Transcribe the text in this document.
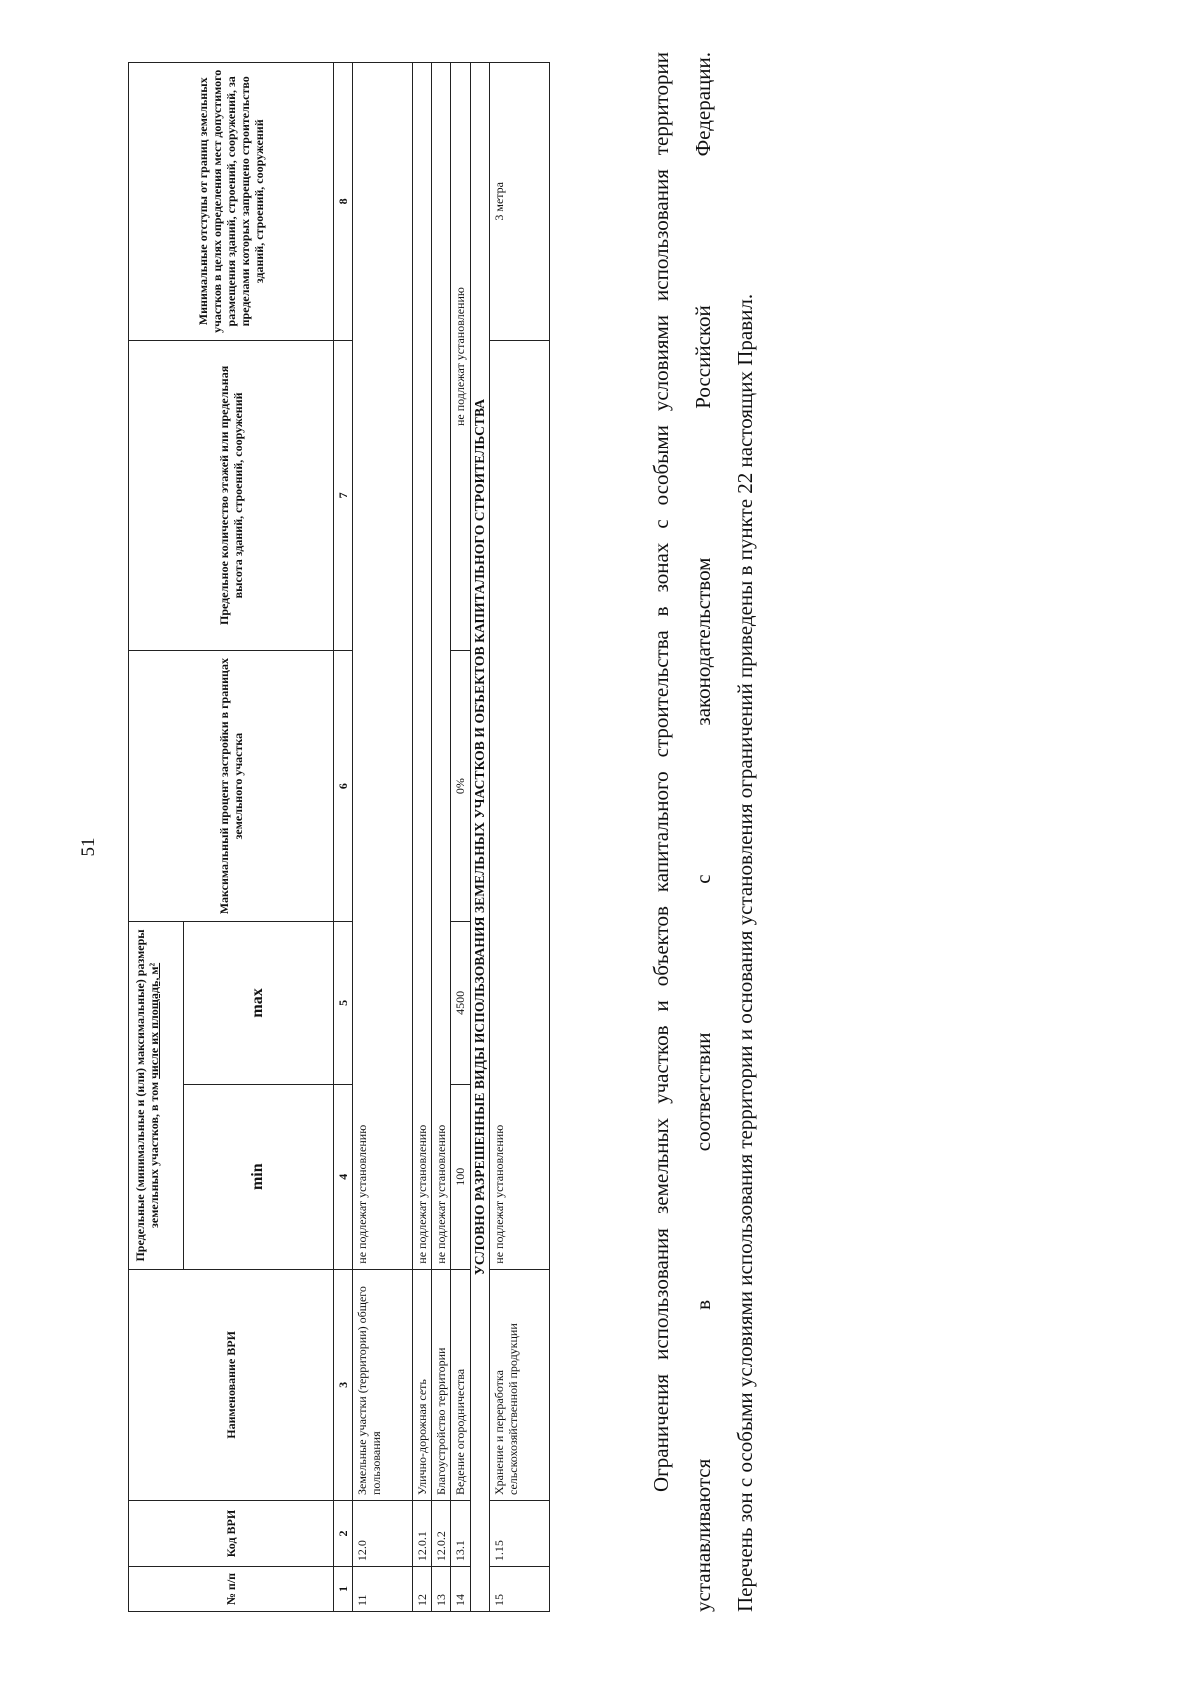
51
№ п/п	Код ВРИ	Наименование ВРИ	Предельные (минимальные и (или) максимальные) размеры земельных участков, в том числе их площадь, м²		Максимальный процент застройки в границах земельного участка	Предельное количество этажей или предельная высота зданий, строений, сооружений	Минимальные отступы от границ земельных участков в целях определения мест допустимого размещения зданий, строений, сооружений, за пределами которых запрещено строительство зданий, строений, сооружений
			min	max			
1	2	3	4	5	6	7	8
11	12.0	Земельные участки (территории) общего пользования	не подлежат установлению				
12	12.0.1	Улично-дорожная сеть	не подлежат установлению				
13	12.0.2	Благоустройство территории	не подлежат установлению				
14	13.1	Ведение огородничества	100	4500	0%	не подлежат установлению	
УСЛОВНО РАЗРЕШЕННЫЕ ВИДЫ ИСПОЛЬЗОВАНИЯ ЗЕМЕЛЬНЫХ УЧАСТКОВ И ОБЪЕКТОВ КАПИТАЛЬНОГО СТРОИТЕЛЬСТВА							
15	1.15	Хранение и переработка сельскохозяйственной продукции	не подлежат установлению				3 метра	Ограничения использования земельных участков и объектов капитального строительства в зонах с особыми условиями использования территории устанавливаются в соответствии с законодательством Российской Федерации. Перечень зон с особыми условиями использования территории и основания установления ограничений приведены в пункте 22 настоящих Правил.
